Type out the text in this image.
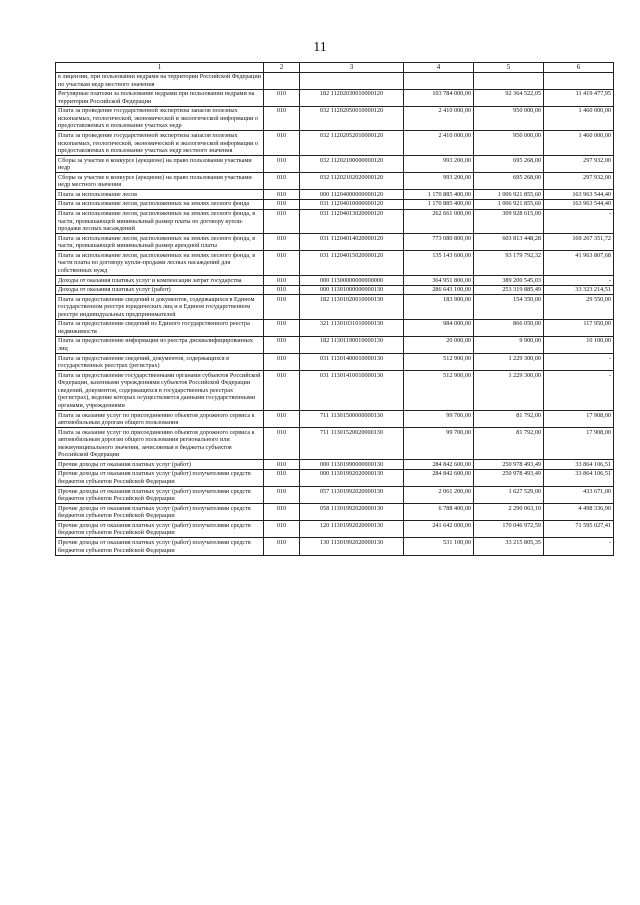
11
1	2	3	4	5	6
в лицензии, при пользовании недрами на территории Российской Федерации по участкам недр местного значения					
Регулярные платежи за пользование недрами при пользовании недрами на территории Российской Федерации	010	182 11202030010000120	103 784 000,00	92 364 522,05	11 419 477,95
Плата за проведение государственной экспертизы запасов полезных ископаемых, геологической, экономической и экологической информации о предоставляемых в пользование участках недр	010	032 11202050010000120	2 410 000,00	950 000,00	1 460 000,00
Плата за проведение государственной экспертизы запасов полезных ископаемых, геологической, экономической и экологической информации о предоставляемых в пользование участках недр местного значения	010	032 11202052010000120	2 410 000,00	950 000,00	1 460 000,00
Сборы за участие в конкурсе (аукционе) на право пользования участками недр	010	032 11202100000000120	993 200,00	695 268,00	297 932,00
Сборы за участие в конкурсе (аукционе) на право пользования участками недр местного значения	010	032 11202102020000120	993 200,00	695 268,00	297 932,00
Плата за использование лесов	010	000 11204000000000120	1 170 885 400,00	1 006 921 855,60	163 963 544,40
Плата за использование лесов, расположенных на землях лесного фонда	010	031 11204010000000120	1 170 885 400,00	1 006 921 855,60	163 963 544,40
Плата за использование лесов, расположенных на землях лесного фонда, в части, превышающей минимальный размер платы по договору купли-продажи лесных насаждений	010	031 11204013020000120	262 661 000,00	309 928 615,00	-
Плата за использование лесов, расположенных на землях лесного фонда, в части, превышающей минимальный размер арендной платы	010	031 11204014020000120	773 080 800,00	603 813 448,28	169 267 351,72
Плата за использование лесов, расположенных на землях лесного фонда, в части платы по договору купли-продажи лесных насаждений для собственных нужд	010	031 11204015020000120	135 143 600,00	93 179 792,32	41 963 807,68
Доходы от оказания платных услуг и компенсации затрат государства	010	000 11300000000000000	364 951 800,00	389 200 545,03	-
Доходы от оказания платных услуг (работ)	010	000 11301000000000130	286 643 100,00	253 319 885,49	33 323 214,51
Плата за предоставление сведений и документов, содержащихся в Едином государственном реестре юридических лиц и в Едином государственном реестре индивидуальных предпринимателей	010	182 11301020010000130	183 900,00	154 350,00	29 550,00
Плата за предоставление сведений из Единого государственного реестра недвижимости	010	321 11301031010000130	984 000,00	866 050,00	117 950,00
Плата за предоставление информации из реестра дисквалифицированных лиц	010	182 11301190010000130	20 000,00	9 900,00	10 100,00
Плата за предоставление сведений, документов, содержащихся в государственных реестрах (регистрах)	010	031 11301400010000130	512 900,00	1 229 300,00	-
Плата за предоставление государственными органами субъектов Российской Федерации, казенными учреждениями субъектов Российской Федерации сведений, документов, содержащихся в государственных реестрах (регистрах), ведение которых осуществляется данными государственными органами, учреждениями	010	031 11301410010000130	512 900,00	1 229 300,00	-
Плата за оказание услуг по присоединению объектов дорожного сервиса к автомобильным дорогам общего пользования	010	711 11301500000000130	99 700,00	81 792,00	17 908,00
Плата за оказание услуг по присоединению объектов дорожного сервиса к автомобильным дорогам общего пользования регионального или межмуниципального значения, зачисляемая в бюджеты субъектов Российской Федерации	010	711 11301520020000130	99 700,00	81 792,00	17 908,00
Прочие доходы от оказания платных услуг (работ)	010	000 11301990000000130	284 842 600,00	250 978 493,49	33 864 106,51
Прочие доходы от оказания платных услуг (работ) получателями средств бюджетов субъектов Российской Федерации	010	000 11301992020000130	284 842 600,00	250 978 493,49	33 864 106,51
Прочие доходы от оказания платных услуг (работ) получателями средств бюджетов субъектов Российской Федерации	010	057 11301992020000130	2 061 200,00	1 627 529,00	433 671,00
Прочие доходы от оказания платных услуг (работ) получателями средств бюджетов субъектов Российской Федерации	010	058 11301992020000130	6 788 400,00	2 290 063,10	4 498 336,90
Прочие доходы от оказания платных услуг (работ) получателями средств бюджетов субъектов Российской Федерации	010	120 11301992020000130	241 642 000,00	170 046 972,59	71 595 027,41
Прочие доходы от оказания платных услуг (работ) получателями средств бюджетов субъектов Российской Федерации	010	130 11301992020000130	531 100,00	33 215 805,35	-
